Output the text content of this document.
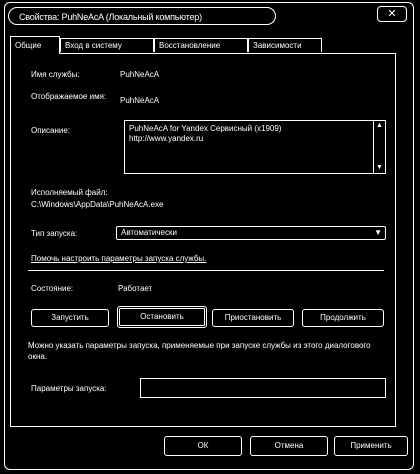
Свойства: PuhNeAcA (Локальный компьютер)	✕
Общие	Вход в систему	Восстановление	Зависимости
Имя службы:	PuhNeAcA
Отображаемое имя:	PuhNeAcA
Описание:	PuhNeAcA for Yandex Сервисный (x1909)
http://www.yandex.ru
▲
▼
Исполняемый файл:
C:\Windows\AppData\PuhNeAcA.exe
Тип запуска:	Автоматически	▼
Помочь настроить параметры запуска службы.
Состояние:	Работает
Запустить	Остановить	Приостановить	Продолжить
Можно указать параметры запуска, применяемые при запуске службы из этого диалогового окна.
Параметры запуска:
ОК	Отмена	Применить
